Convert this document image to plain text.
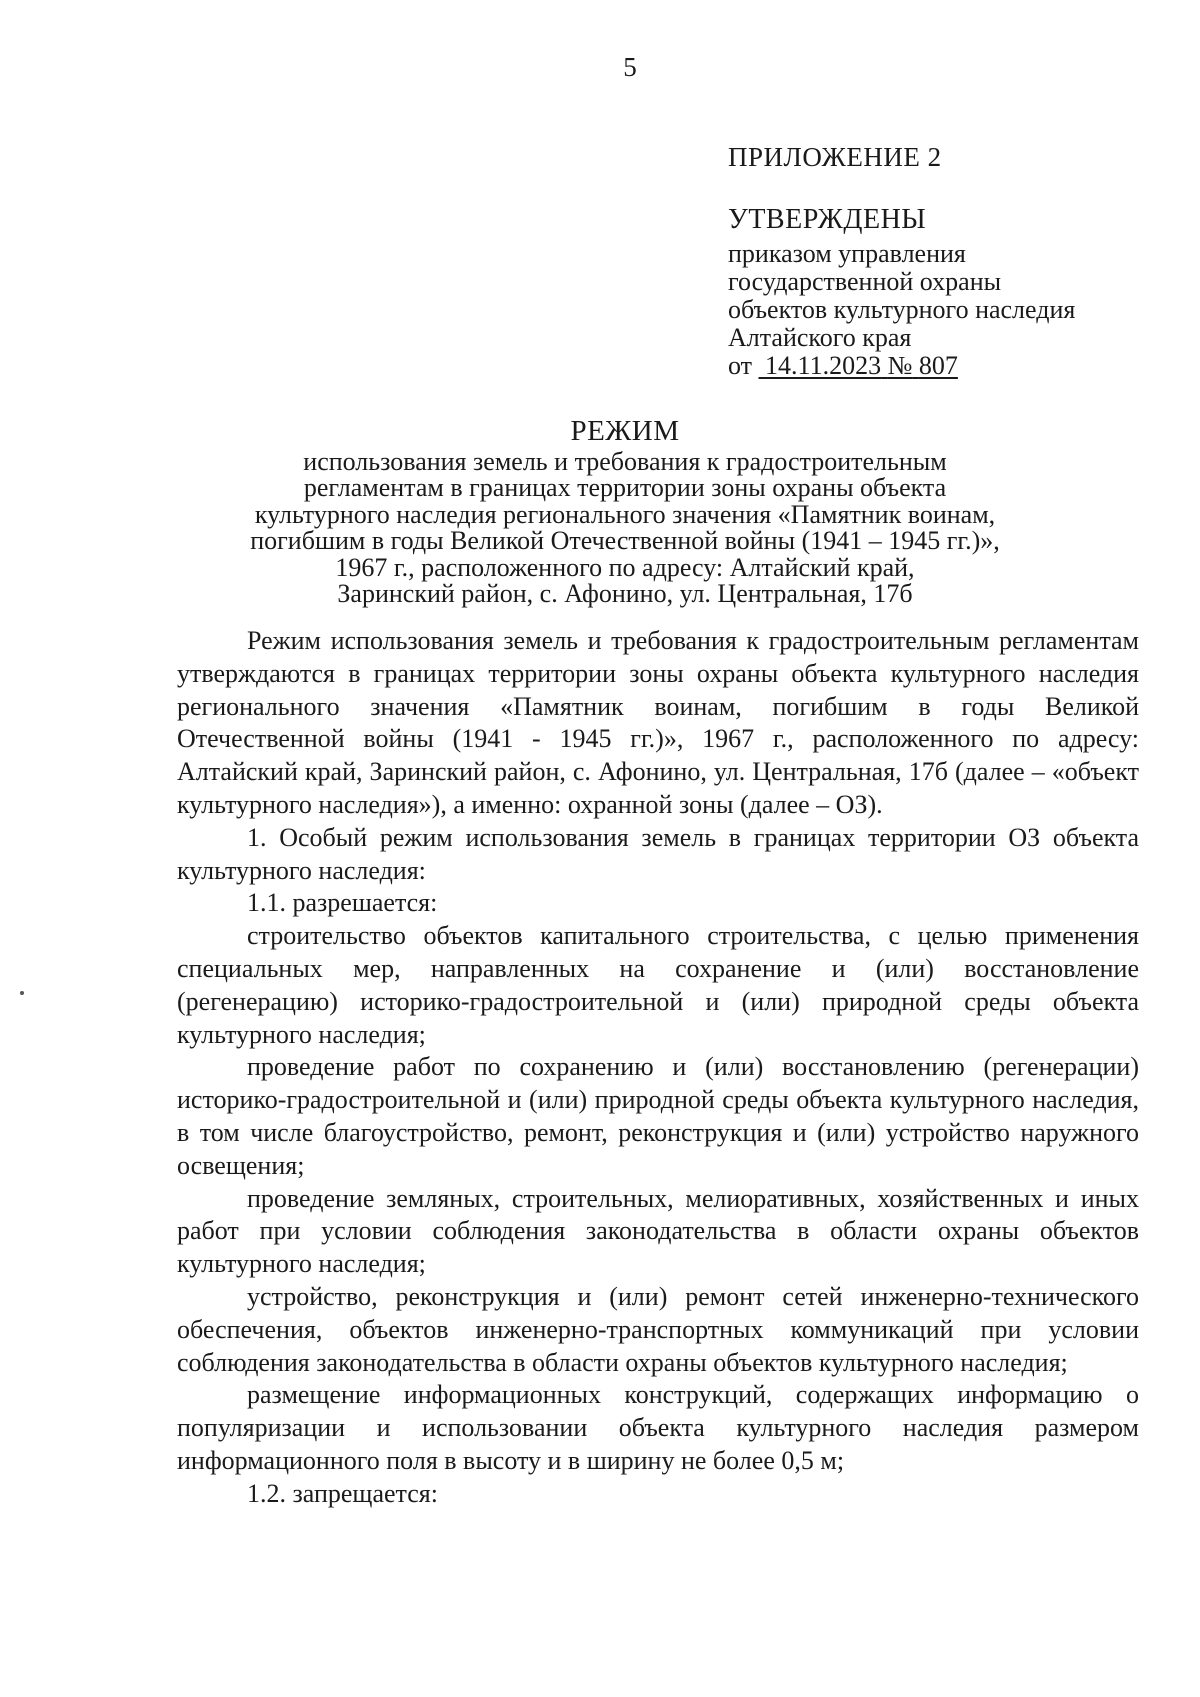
5
ПРИЛОЖЕНИЕ 2
УТВЕРЖДЕНЫ
приказом управления
государственной охраны
объектов культурного наследия
Алтайского края
от 14.11.2023 № 807
РЕЖИМ
использования земель и требования к градостроительным
регламентам в границах территории зоны охраны объекта
культурного наследия регионального значения «Памятник воинам,
погибшим в годы Великой Отечественной войны (1941 – 1945 гг.)»,
1967 г., расположенного по адресу: Алтайский край,
Заринский район, с. Афонино, ул. Центральная, 17б

Режим использования земель и требования к градостроительным регламентам утверждаются в границах территории зоны охраны объекта культурного наследия регионального значения «Памятник воинам, погибшим в годы Великой Отечественной войны (1941 - 1945 гг.)», 1967 г., расположенного по адресу: Алтайский край, Заринский район, с. Афонино, ул. Центральная, 17б (далее – «объект культурного наследия»), а именно: охранной зоны (далее – ОЗ).

1. Особый режим использования земель в границах территории ОЗ объекта культурного наследия:

1.1. разрешается:

строительство объектов капитального строительства, с целью применения специальных мер, направленных на сохранение и (или) восстановление (регенерацию) историко-градостроительной и (или) природной среды объекта культурного наследия;

проведение работ по сохранению и (или) восстановлению (регенерации) историко-градостроительной и (или) природной среды объекта культурного наследия, в том числе благоустройство, ремонт, реконструкция и (или) устройство наружного освещения;

проведение земляных, строительных, мелиоративных, хозяйственных и иных работ при условии соблюдения законодательства в области охраны объектов культурного наследия;

устройство, реконструкция и (или) ремонт сетей инженерно-технического обеспечения, объектов инженерно-транспортных коммуникаций при условии соблюдения законодательства в области охраны объектов культурного наследия;

размещение информационных конструкций, содержащих информацию о популяризации и использовании объекта культурного наследия размером информационного поля в высоту и в ширину не более 0,5 м;

1.2. запрещается:
